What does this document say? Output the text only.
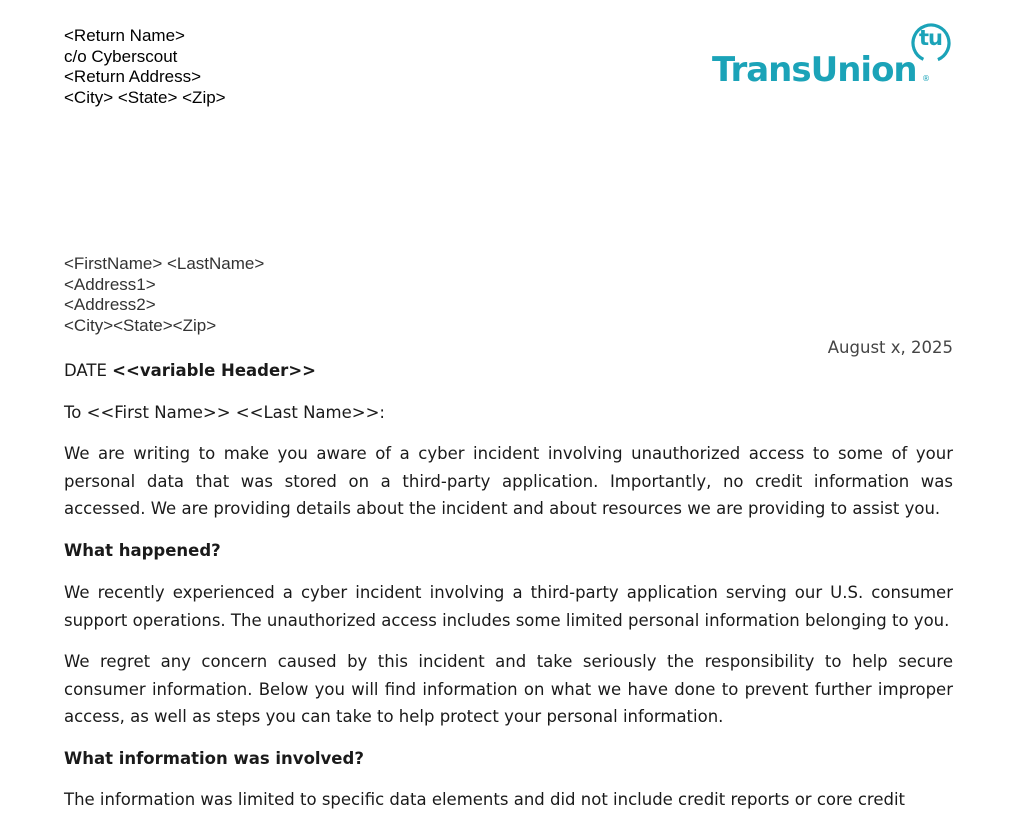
<Return Name>
c/o Cyberscout
<Return Address>
<City> <State> <Zip>
tu
TransUnion ®
<FirstName> <LastName>
<Address1>
<Address2>
<City><State><Zip>
August x, 2025
DATE <<variable Header>>
To <<First Name>> <<Last Name>>:
We are writing to make you aware of a cyber incident involving unauthorized access to some of your personal data that was stored on a third-party application. Importantly, no credit information was accessed. We are providing details about the incident and about resources we are providing to assist you.
What happened?
We recently experienced a cyber incident involving a third-party application serving our U.S. consumer support operations. The unauthorized access includes some limited personal information belonging to you.
We regret any concern caused by this incident and take seriously the responsibility to help secure consumer information. Below you will find information on what we have done to prevent further improper access, as well as steps you can take to help protect your personal information.
What information was involved?
The information was limited to specific data elements and did not include credit reports or core credit
